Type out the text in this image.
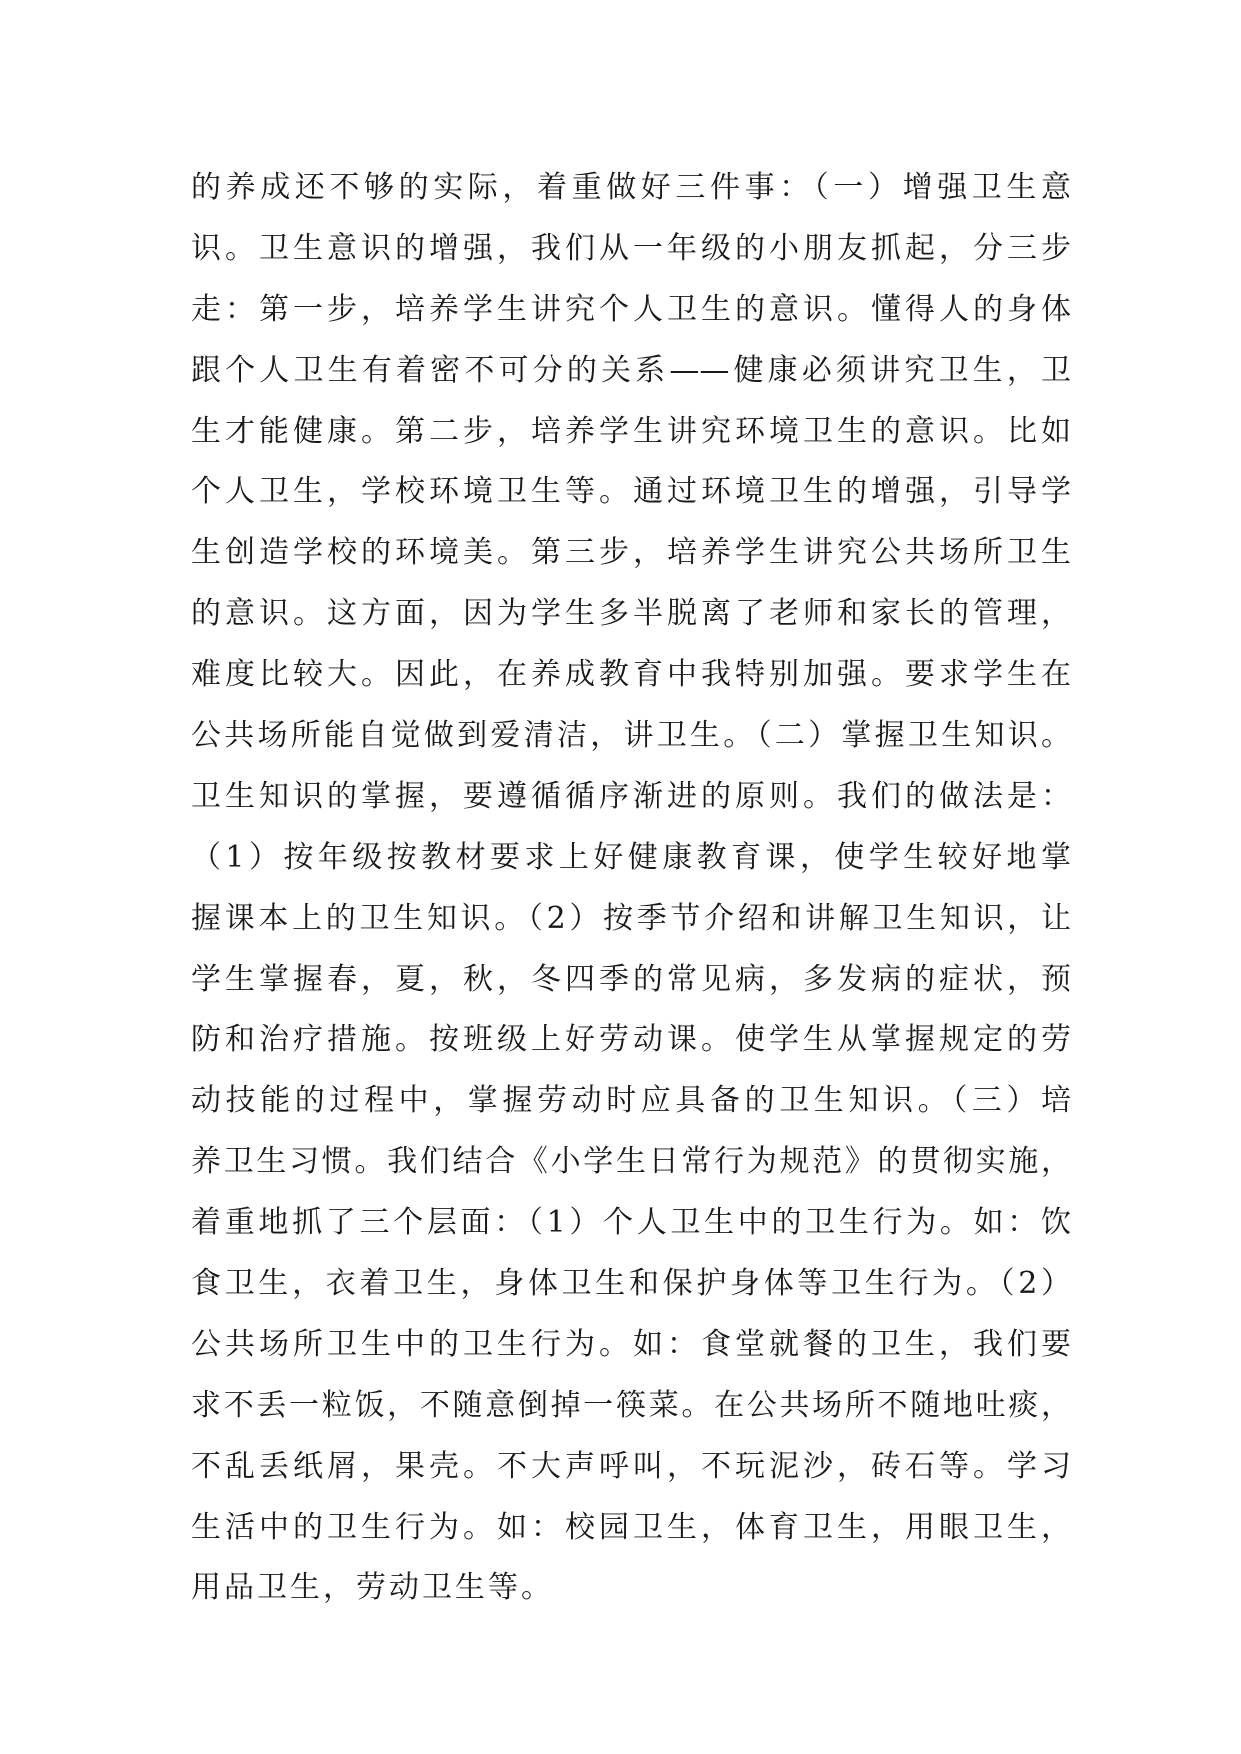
的养成还不够的实际，着重做好三件事：（一）增强卫生意
识。卫生意识的增强，我们从一年级的小朋友抓起，分三步
走：第一步，培养学生讲究个人卫生的意识。懂得人的身体
跟个人卫生有着密不可分的关系——健康必须讲究卫生，卫
生才能健康。第二步，培养学生讲究环境卫生的意识。比如
个人卫生，学校环境卫生等。通过环境卫生的增强，引导学
生创造学校的环境美。第三步，培养学生讲究公共场所卫生
的意识。这方面，因为学生多半脱离了老师和家长的管理，
难度比较大。因此，在养成教育中我特别加强。要求学生在
公共场所能自觉做到爱清洁，讲卫生。（二）掌握卫生知识。
卫生知识的掌握，要遵循循序渐进的原则。我们的做法是：
（1）按年级按教材要求上好健康教育课，使学生较好地掌
握课本上的卫生知识。（2）按季节介绍和讲解卫生知识，让
学生掌握春，夏，秋，冬四季的常见病，多发病的症状，预
防和治疗措施。按班级上好劳动课。使学生从掌握规定的劳
动技能的过程中，掌握劳动时应具备的卫生知识。（三）培
养卫生习惯。我们结合《小学生日常行为规范》的贯彻实施，
着重地抓了三个层面：（1）个人卫生中的卫生行为。如：饮
食卫生，衣着卫生，身体卫生和保护身体等卫生行为。（2）
公共场所卫生中的卫生行为。如：食堂就餐的卫生，我们要
求不丢一粒饭，不随意倒掉一筷菜。在公共场所不随地吐痰，
不乱丢纸屑，果壳。不大声呼叫，不玩泥沙，砖石等。学习
生活中的卫生行为。如：校园卫生，体育卫生，用眼卫生，
用品卫生，劳动卫生等。
